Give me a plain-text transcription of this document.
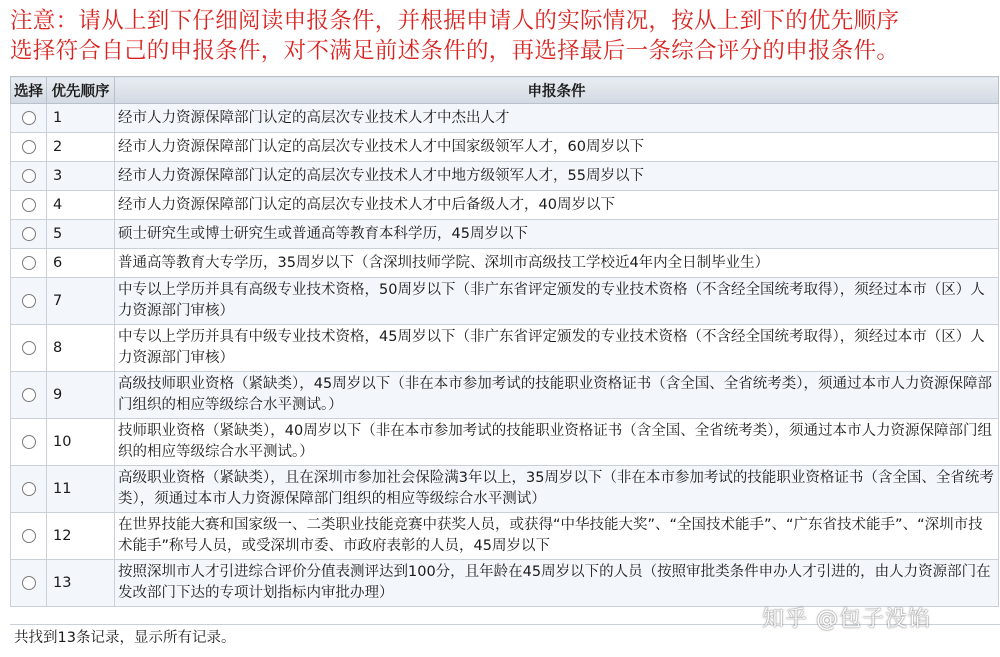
注意：请从上到下仔细阅读申报条件，并根据申请人的实际情况，按从上到下的优先顺序
选择符合自己的申报条件，对不满足前述条件的，再选择最后一条综合评分的申报条件。
选择	优先顺序	申报条件
	1	经市人力资源保障部门认定的高层次专业技术人才中杰出人才
	2	经市人力资源保障部门认定的高层次专业技术人才中国家级领军人才，60周岁以下
	3	经市人力资源保障部门认定的高层次专业技术人才中地方级领军人才，55周岁以下
	4	经市人力资源保障部门认定的高层次专业技术人才中后备级人才，40周岁以下
	5	硕士研究生或博士研究生或普通高等教育本科学历，45周岁以下
	6	普通高等教育大专学历，35周岁以下（含深圳技师学院、深圳市高级技工学校近4年内全日制毕业生）
	7	中专以上学历并具有高级专业技术资格，50周岁以下（非广东省评定颁发的专业技术资格（不含经全国统考取得），须经过本市（区）人力资源部门审核）
	8	中专以上学历并具有中级专业技术资格，45周岁以下（非广东省评定颁发的专业技术资格（不含经全国统考取得），须经过本市（区）人力资源部门审核）
	9	高级技师职业资格（紧缺类），45周岁以下（非在本市参加考试的技能职业资格证书（含全国、全省统考类），须通过本市人力资源保障部门组织的相应等级综合水平测试。）
	10	技师职业资格（紧缺类），40周岁以下（非在本市参加考试的技能职业资格证书（含全国、全省统考类），须通过本市人力资源保障部门组织的相应等级综合水平测试。）
	11	高级职业资格（紧缺类），且在深圳市参加社会保险满3年以上，35周岁以下（非在本市参加考试的技能职业资格证书（含全国、全省统考类），须通过本市人力资源保障部门组织的相应等级综合水平测试）
	12	在世界技能大赛和国家级一、二类职业技能竞赛中获奖人员，或获得“中华技能大奖”、“全国技术能手”、“广东省技术能手”、“深圳市技术能手”称号人员，或受深圳市委、市政府表彰的人员，45周岁以下
	13	按照深圳市人才引进综合评价分值表测评达到100分，且年龄在45周岁以下的人员（按照审批类条件申办人才引进的，由人力资源部门在发改部门下达的专项计划指标内审批办理）
共找到13条记录，显示所有记录。
知乎 @包子没馅
